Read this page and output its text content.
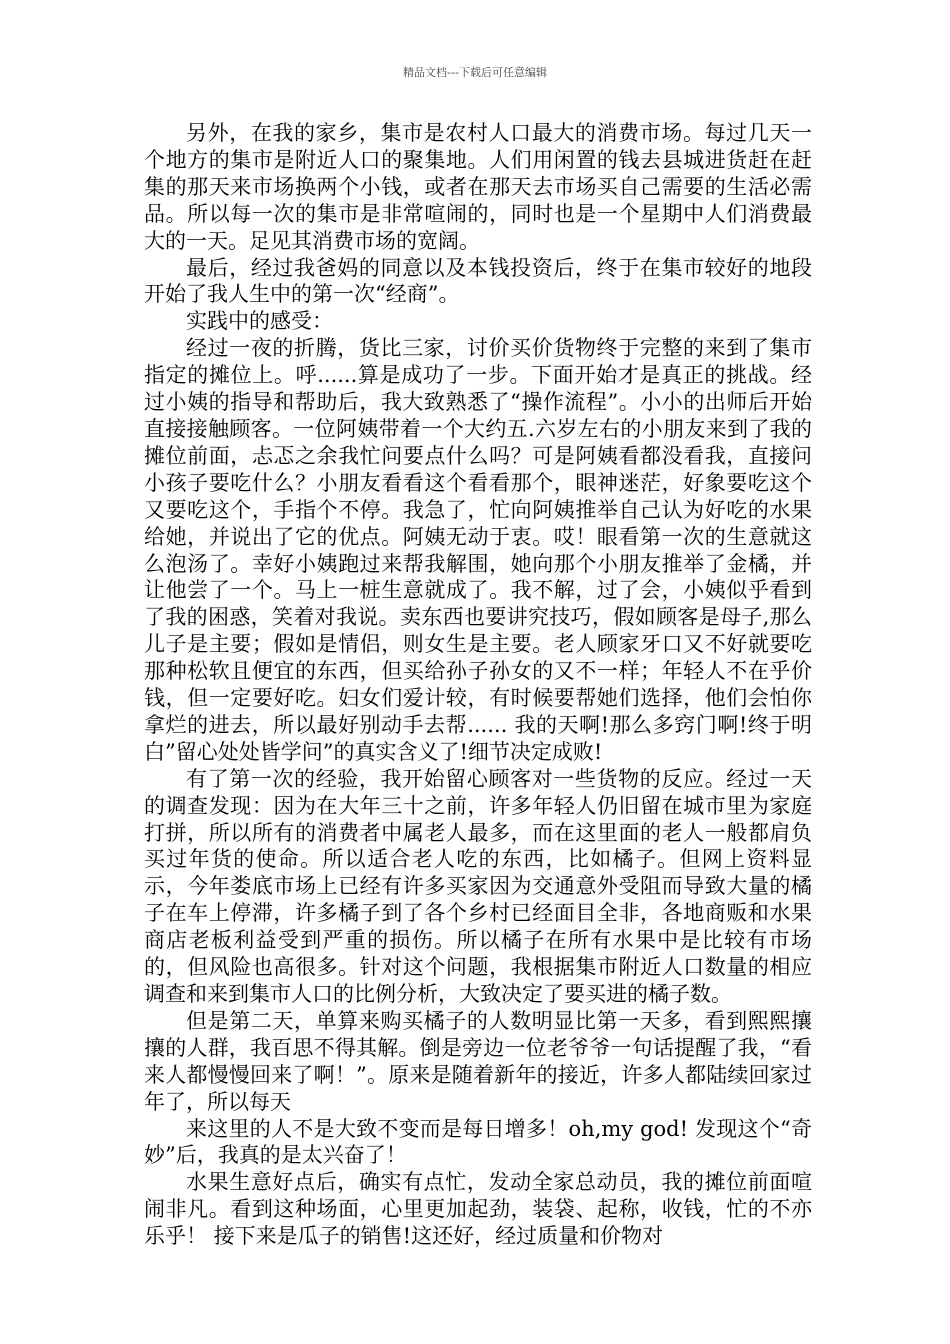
精品文档---下载后可任意编辑

另外，在我的家乡，集市是农村人口最大的消费市场。每过几天一个地方的集市是附近人口的聚集地。人们用闲置的钱去县城进货赶在赶集的那天来市场换两个小钱，或者在那天去市场买自己需要的生活必需品。所以每一次的集市是非常喧闹的，同时也是一个星期中人们消费最大的一天。足见其消费市场的宽阔。

最后，经过我爸妈的同意以及本钱投资后，终于在集市较好的地段开始了我人生中的第一次“经商”。

实践中的感受：

经过一夜的折腾，货比三家，讨价买价货物终于完整的来到了集市指定的摊位上。呼......算是成功了一步。下面开始才是真正的挑战。经过小姨的指导和帮助后，我大致熟悉了“操作流程”。小小的出师后开始直接接触顾客。一位阿姨带着一个大约五.六岁左右的小朋友来到了我的摊位前面，忐忑之余我忙问要点什么吗？可是阿姨看都没看我，直接问小孩子要吃什么？小朋友看看这个看看那个，眼神迷茫，好象要吃这个又要吃这个，手指个不停。我急了，忙向阿姨推举自己认为好吃的水果给她，并说出了它的优点。阿姨无动于衷。哎！眼看第一次的生意就这么泡汤了。幸好小姨跑过来帮我解围，她向那个小朋友推举了金橘，并让他尝了一个。马上一桩生意就成了。我不解，过了会，小姨似乎看到了我的困惑，笑着对我说。卖东西也要讲究技巧，假如顾客是母子,那么儿子是主要；假如是情侣，则女生是主要。老人顾家牙口又不好就要吃那种松软且便宜的东西，但买给孙子孙女的又不一样；年轻人不在乎价钱，但一定要好吃。妇女们爱计较，有时候要帮她们选择，他们会怕你拿烂的进去，所以最好别动手去帮...... 我的天啊!那么多窍门啊!终于明白”留心处处皆学问”的真实含义了!细节决定成败!

有了第一次的经验，我开始留心顾客对一些货物的反应。经过一天的调查发现：因为在大年三十之前，许多年轻人仍旧留在城市里为家庭打拼，所以所有的消费者中属老人最多，而在这里面的老人一般都肩负买过年货的使命。所以适合老人吃的东西，比如橘子。但网上资料显示，今年娄底市场上已经有许多买家因为交通意外受阻而导致大量的橘子在车上停滞，许多橘子到了各个乡村已经面目全非，各地商贩和水果商店老板利益受到严重的损伤。所以橘子在所有水果中是比较有市场的，但风险也高很多。针对这个问题，我根据集市附近人口数量的相应调查和来到集市人口的比例分析，大致决定了要买进的橘子数。

但是第二天，单算来购买橘子的人数明显比第一天多，看到熙熙攘攘的人群，我百思不得其解。倒是旁边一位老爷爷一句话提醒了我，“看来人都慢慢回来了啊！”。原来是随着新年的接近，许多人都陆续回家过年了，所以每天

来这里的人不是大致不变而是每日增多！oh,my god! 发现这个“奇妙”后，我真的是太兴奋了！

水果生意好点后，确实有点忙，发动全家总动员，我的摊位前面喧闹非凡。看到这种场面，心里更加起劲，装袋、起称，收钱，忙的不亦乐乎！ 接下来是瓜子的销售!这还好，经过质量和价物对
